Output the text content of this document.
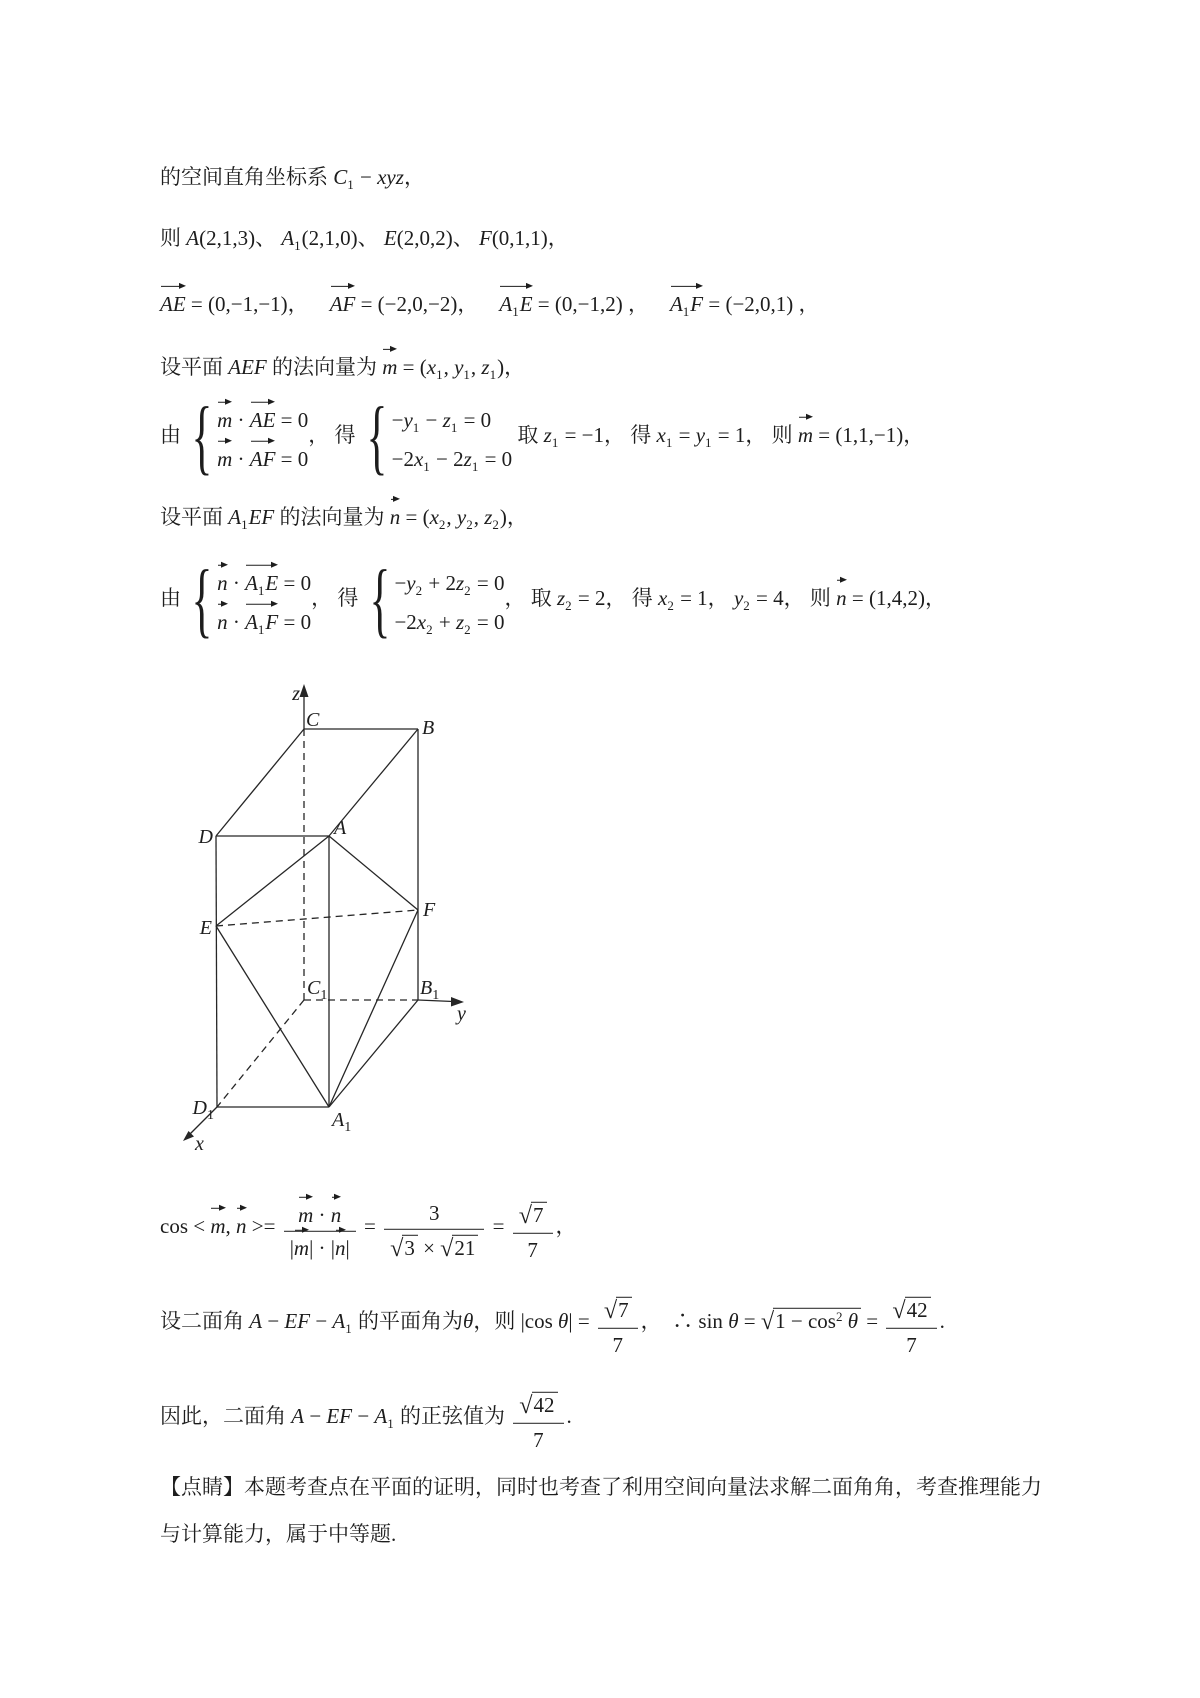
的空间直角坐标系 $C_1$ − xyz，
则 A(2,1,3)、 $A_1(2,1,0)$、 E(2,0,2)、 F(0,1,1)，
AE = (0,−1,−1)，    AF = (−2,0,−2)，    $A_1E = (0,-1,2)$ ，    $A_1F = (-2,0,1)$ ，
设平面 AEF 的法向量为 $m = (x_1$, $y_1$, $z_1$)，
由 { m · AE = 0
m · AF = 0
， 得 { $-y_1 - z_1 = 0$
$-2x_1 - 2z_1 = 0$
取 $z_1 = -1$， 得 $x_1 = y_1 = 1$， 则 m = (1,1,−1)，
设平面 $A_1EF$ 的法向量为 $n = (x_2$, $y_2$, $z_2$)，
由 { $n \cdot A_1E = 0$
$n \cdot A_1F = 0$
， 得 { $-y_2 + 2z_2 = 0$
$-2x_2 + z_2 = 0$
， 取 $z_2 = 2$， 得 $x_2 = 1$， $y_2 = 4$， 则 n = (1,4,2)，
z
C	B
D	A
E
F
$C_1$	$B_1$
y
$D_1$	$A_1$
x
cos < m, $n >= \frac{m \cdot n}{|m| \cdot |n|} = \frac{3}{√3 \times √21} = \frac{√7}{7}$ ，
设二面角 A − EF − $A_1$ 的平面角为θ，则 |cos $\theta| = \frac{√7}{7}$ ，  ∴ $\sin \theta = √1 - \cos^2 \theta = \frac{√42}{7}$ .
因此，二面角 A − EF − $A_1$ 的正弦值为 $\frac{√42}{7}$ .
【点睛】本题考查点在平面的证明，同时也考查了利用空间向量法求解二面角角，考查推理能力与计算能力，属于中等题.
